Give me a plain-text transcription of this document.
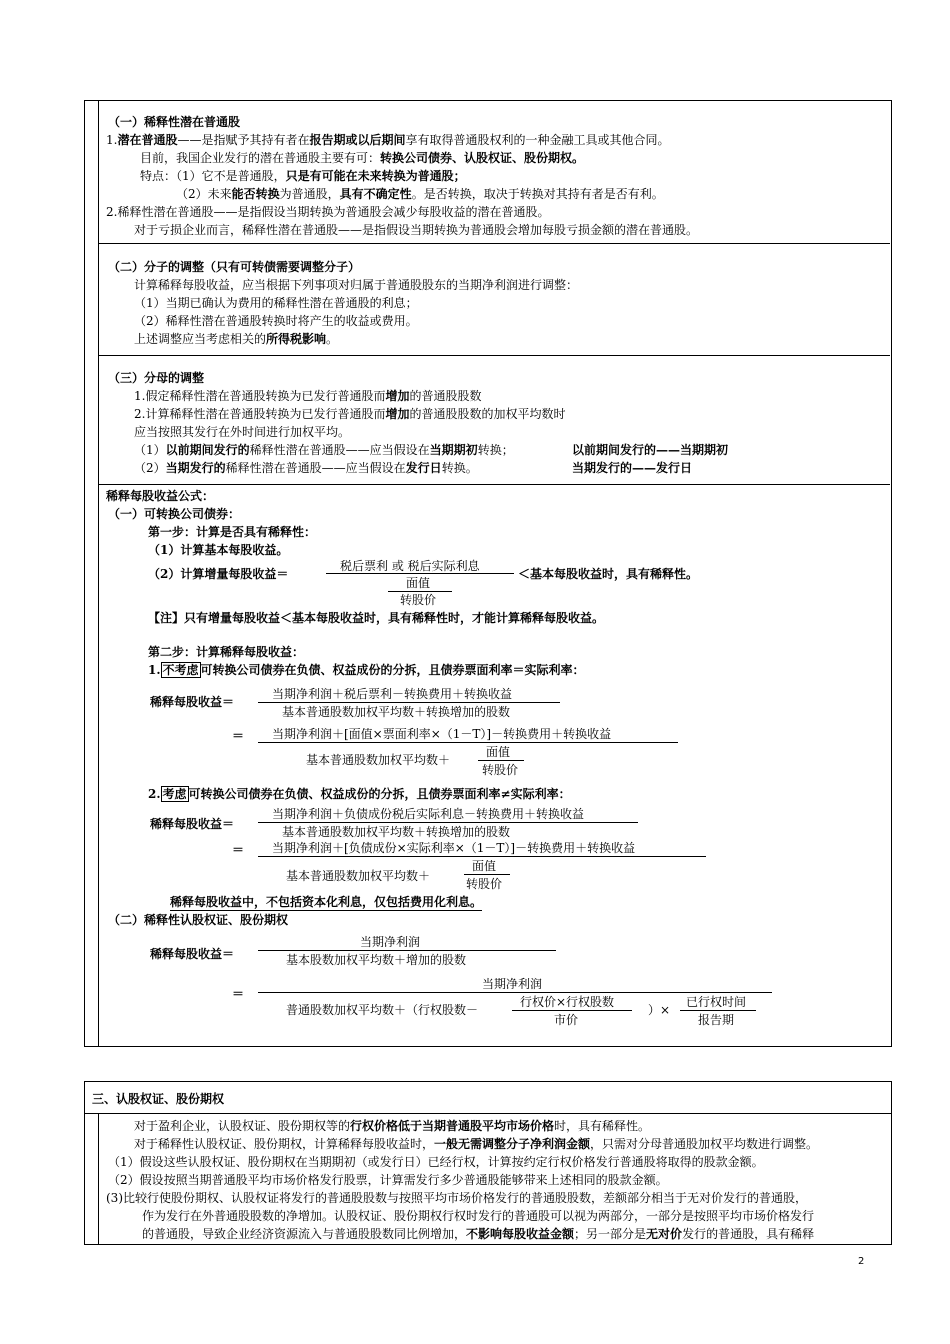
（一）稀释性潜在普通股
1.潜在普通股——是指赋予其持有者在报告期或以后期间享有取得普通股权利的一种金融工具或其他合同。
目前，我国企业发行的潜在普通股主要有可：转换公司债券、认股权证、股份期权。
特点：（1）它不是普通股，只是有可能在未来转换为普通股；
（2）未来能否转换为普通股，具有不确定性。是否转换，取决于转换对其持有者是否有利。
2.稀释性潜在普通股——是指假设当期转换为普通股会减少每股收益的潜在普通股。
对于亏损企业而言，稀释性潜在普通股——是指假设当期转换为普通股会增加每股亏损金额的潜在普通股。
（二）分子的调整（只有可转债需要调整分子）
计算稀释每股收益，应当根据下列事项对归属于普通股股东的当期净利润进行调整：
（1）当期已确认为费用的稀释性潜在普通股的利息；
（2）稀释性潜在普通股转换时将产生的收益或费用。
上述调整应当考虑相关的所得税影响。
（三）分母的调整
1.假定稀释性潜在普通股转换为已发行普通股而增加的普通股股数
2.计算稀释性潜在普通股转换为已发行普通股而增加的普通股股数的加权平均数时
应当按照其发行在外时间进行加权平均。
（1）以前期间发行的稀释性潜在普通股——应当假设在当期期初转换；	以前期间发行的——当期期初
（2）当期发行的稀释性潜在普通股——应当假设在发行日转换。	当期发行的——发行日
稀释每股收益公式：
（一）可转换公司债券：
第一步：计算是否具有稀释性：
（1）计算基本每股收益。
（2）计算增量每股收益＝
税后票利 或 税后实际利息
面值
转股价
＜基本每股收益时，具有稀释性。
【注】只有增量每股收益＜基本每股收益时，具有稀释性时，才能计算稀释每股收益。
第二步：计算稀释每股收益：
1. 不考虑 可转换公司债券在负债、权益成份的分拆，且债券票面利率＝实际利率：
稀释每股收益＝
当期净利润＋税后票利－转换费用＋转换收益
基本普通股数加权平均数＋转换增加的股数
＝ 当期净利润＋[面值×票面利率×（1－T）]－转换费用＋转换收益
基本普通股数加权平均数＋
面值
转股价
2. 考虑 可转换公司债券在负债、权益成份的分拆，且债券票面利率≠实际利率：
稀释每股收益＝
当期净利润＋负债成份税后实际利息－转换费用＋转换收益
基本普通股数加权平均数＋转换增加的股数
＝ 当期净利润＋[负债成份×实际利率×（1－T）]－转换费用＋转换收益
基本普通股数加权平均数＋
面值
转股价
稀释每股收益中，不包括资本化利息，仅包括费用化利息。
（二）稀释性认股权证、股份期权
稀释每股收益＝
当期净利润
基本股数加权平均数＋增加的股数
＝
当期净利润
普通股数加权平均数＋（行权股数－
行权价×行权股数
市价
）×
已行权时间
报告期
三、认股权证、股份期权
对于盈利企业，认股权证、股份期权等的行权价格低于当期普通股平均市场价格时，具有稀释性。
对于稀释性认股权证、股份期权，计算稀释每股收益时，一般无需调整分子净利润金额，只需对分母普通股加权平均数进行调整。
（1）假设这些认股权证、股份期权在当期期初（或发行日）已经行权，计算按约定行权价格发行普通股将取得的股款金额。
（2）假设按照当期普通股平均市场价格发行股票，计算需发行多少普通股能够带来上述相同的股款金额。
(3)比较行使股份期权、认股权证将发行的普通股股数与按照平均市场价格发行的普通股股数，差额部分相当于无对价发行的普通股，
作为发行在外普通股股数的净增加。认股权证、股份期权行权时发行的普通股可以视为两部分，一部分是按照平均市场价格发行
的普通股，导致企业经济资源流入与普通股股数同比例增加，不影响每股收益金额；另一部分是无对价发行的普通股，具有稀释
2
